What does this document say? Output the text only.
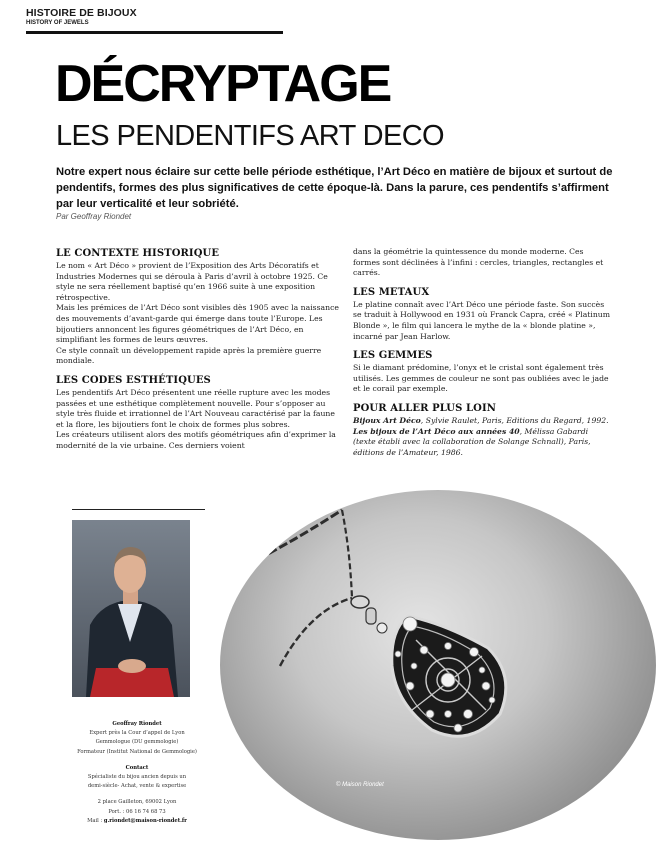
HISTOIRE DE BIJOUX
HISTORY OF JEWELS
DÉCRYPTAGE
LES PENDENTIFS ART DECO
Notre expert nous éclaire sur cette belle période esthétique, l’Art Déco en matière de bijoux et surtout de pendentifs, formes des plus significatives de cette époque-là. Dans la parure, ces pendentifs s’affirment par leur verticalité et leur sobriété.
Par Geoffray Riondet
LE CONTEXTE HISTORIQUE

Le nom « Art Déco » provient de l’Exposition des Arts Décoratifs et Industries Modernes qui se déroula à Paris d’avril à octobre 1925. Ce style ne sera réellement baptisé qu’en 1966 suite à une exposition rétrospective.

Mais les prémices de l’Art Déco sont visibles dès 1905 avec la naissance des mouvements d’avant-garde qui émerge dans toute l’Europe. Les bijoutiers annoncent les figures géométriques de l’Art Déco, en simplifiant les formes de leurs œuvres.

Ce style connaît un développement rapide après la première guerre mondiale.

LES CODES ESTHÉTIQUES

Les pendentifs Art Déco présentent une réelle rupture avec les modes passées et une esthétique complètement nouvelle. Pour s’opposer au style très fluide et irrationnel de l’Art Nouveau caractérisé par la faune et la flore, les bijoutiers font le choix de formes plus sobres.

Les créateurs utilisent alors des motifs géométriques afin d’exprimer la modernité de la vie urbaine. Ces derniers voient

dans la géométrie la quintessence du monde moderne. Ces formes sont déclinées à l’infini : cercles, triangles, rectangles et carrés.

LES METAUX

Le platine connaît avec l’Art Déco une période faste. Son succès se traduit à Hollywood en 1931 où Franck Capra, créé « Platinum Blonde », le film qui lancera le mythe de la « blonde platine », incarné par Jean Harlow.

LES GEMMES

Si le diamant prédomine, l’onyx et le cristal sont également très utilisés. Les gemmes de couleur ne sont pas oubliées avec le jade et le corail par exemple.

POUR ALLER PLUS LOIN

Bijoux Art Déco, Sylvie Raulet, Paris, Editions du Regard, 1992.

Les bijoux de l’Art Déco aux années 40, Mélissa Gabardi (texte établi avec la collaboration de Solange Schnall), Paris, éditions de l’Amateur, 1986.

Geoffray Riondet
Expert près la Cour d’appel de Lyon
Gemmologue (DU gemmologie)
Formateur (Institut National de Gemmologie)
Contact
Spécialiste du bijou ancien depuis un
demi-siècle- Achat, vente & expertise
2 place Gailleton, 69002 Lyon
Port. : 06 16 74 68 73
Mail : g.riondet@maison-riondet.fr
© Maison Riondet
